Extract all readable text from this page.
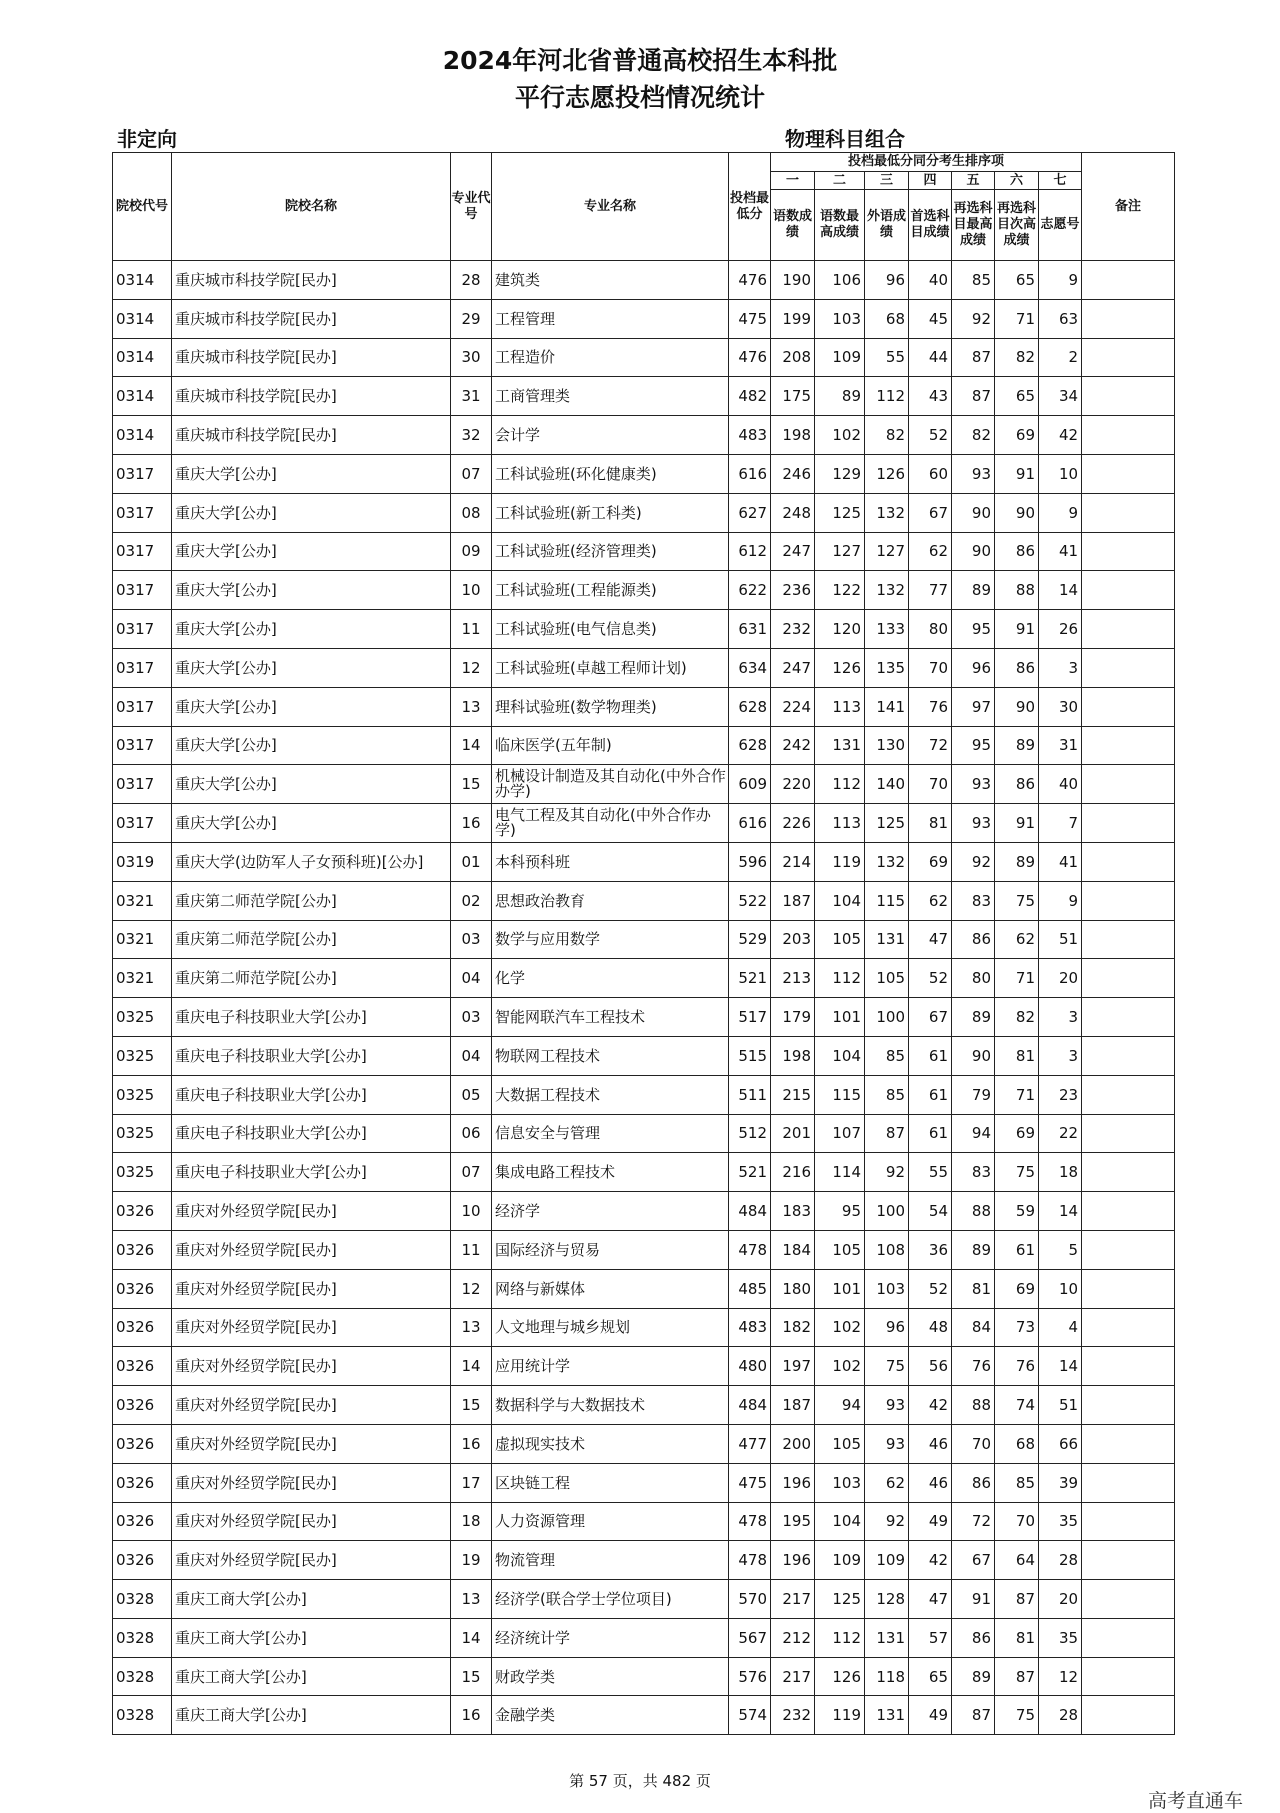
2024年河北省普通高校招生本科批
平行志愿投档情况统计
非定向	物理科目组合
院校代号	院校名称	专业代号	专业名称	投档最低分	投档最低分同分考生排序项							备注
					一	二	三	四	五	六	七	
					语数成绩	语数最高成绩	外语成绩	首选科目成绩	再选科目最高成绩	再选科目次高成绩	志愿号	
0314	重庆城市科技学院[民办]	28	建筑类	476	190	106	96	40	85	65	9	
0314	重庆城市科技学院[民办]	29	工程管理	475	199	103	68	45	92	71	63	
0314	重庆城市科技学院[民办]	30	工程造价	476	208	109	55	44	87	82	2	
0314	重庆城市科技学院[民办]	31	工商管理类	482	175	89	112	43	87	65	34	
0314	重庆城市科技学院[民办]	32	会计学	483	198	102	82	52	82	69	42	
0317	重庆大学[公办]	07	工科试验班(环化健康类)	616	246	129	126	60	93	91	10	
0317	重庆大学[公办]	08	工科试验班(新工科类)	627	248	125	132	67	90	90	9	
0317	重庆大学[公办]	09	工科试验班(经济管理类)	612	247	127	127	62	90	86	41	
0317	重庆大学[公办]	10	工科试验班(工程能源类)	622	236	122	132	77	89	88	14	
0317	重庆大学[公办]	11	工科试验班(电气信息类)	631	232	120	133	80	95	91	26	
0317	重庆大学[公办]	12	工科试验班(卓越工程师计划)	634	247	126	135	70	96	86	3	
0317	重庆大学[公办]	13	理科试验班(数学物理类)	628	224	113	141	76	97	90	30	
0317	重庆大学[公办]	14	临床医学(五年制)	628	242	131	130	72	95	89	31	
0317	重庆大学[公办]	15	机械设计制造及其自动化(中外合作办学)	609	220	112	140	70	93	86	40	
0317	重庆大学[公办]	16	电气工程及其自动化(中外合作办学)	616	226	113	125	81	93	91	7	
0319	重庆大学(边防军人子女预科班)[公办]	01	本科预科班	596	214	119	132	69	92	89	41	
0321	重庆第二师范学院[公办]	02	思想政治教育	522	187	104	115	62	83	75	9	
0321	重庆第二师范学院[公办]	03	数学与应用数学	529	203	105	131	47	86	62	51	
0321	重庆第二师范学院[公办]	04	化学	521	213	112	105	52	80	71	20	
0325	重庆电子科技职业大学[公办]	03	智能网联汽车工程技术	517	179	101	100	67	89	82	3	
0325	重庆电子科技职业大学[公办]	04	物联网工程技术	515	198	104	85	61	90	81	3	
0325	重庆电子科技职业大学[公办]	05	大数据工程技术	511	215	115	85	61	79	71	23	
0325	重庆电子科技职业大学[公办]	06	信息安全与管理	512	201	107	87	61	94	69	22	
0325	重庆电子科技职业大学[公办]	07	集成电路工程技术	521	216	114	92	55	83	75	18	
0326	重庆对外经贸学院[民办]	10	经济学	484	183	95	100	54	88	59	14	
0326	重庆对外经贸学院[民办]	11	国际经济与贸易	478	184	105	108	36	89	61	5	
0326	重庆对外经贸学院[民办]	12	网络与新媒体	485	180	101	103	52	81	69	10	
0326	重庆对外经贸学院[民办]	13	人文地理与城乡规划	483	182	102	96	48	84	73	4	
0326	重庆对外经贸学院[民办]	14	应用统计学	480	197	102	75	56	76	76	14	
0326	重庆对外经贸学院[民办]	15	数据科学与大数据技术	484	187	94	93	42	88	74	51	
0326	重庆对外经贸学院[民办]	16	虚拟现实技术	477	200	105	93	46	70	68	66	
0326	重庆对外经贸学院[民办]	17	区块链工程	475	196	103	62	46	86	85	39	
0326	重庆对外经贸学院[民办]	18	人力资源管理	478	195	104	92	49	72	70	35	
0326	重庆对外经贸学院[民办]	19	物流管理	478	196	109	109	42	67	64	28	
0328	重庆工商大学[公办]	13	经济学(联合学士学位项目)	570	217	125	128	47	91	87	20	
0328	重庆工商大学[公办]	14	经济统计学	567	212	112	131	57	86	81	35	
0328	重庆工商大学[公办]	15	财政学类	576	217	126	118	65	89	87	12	
0328	重庆工商大学[公办]	16	金融学类	574	232	119	131	49	87	75	28	
第 57 页，共 482 页
高考直通车
